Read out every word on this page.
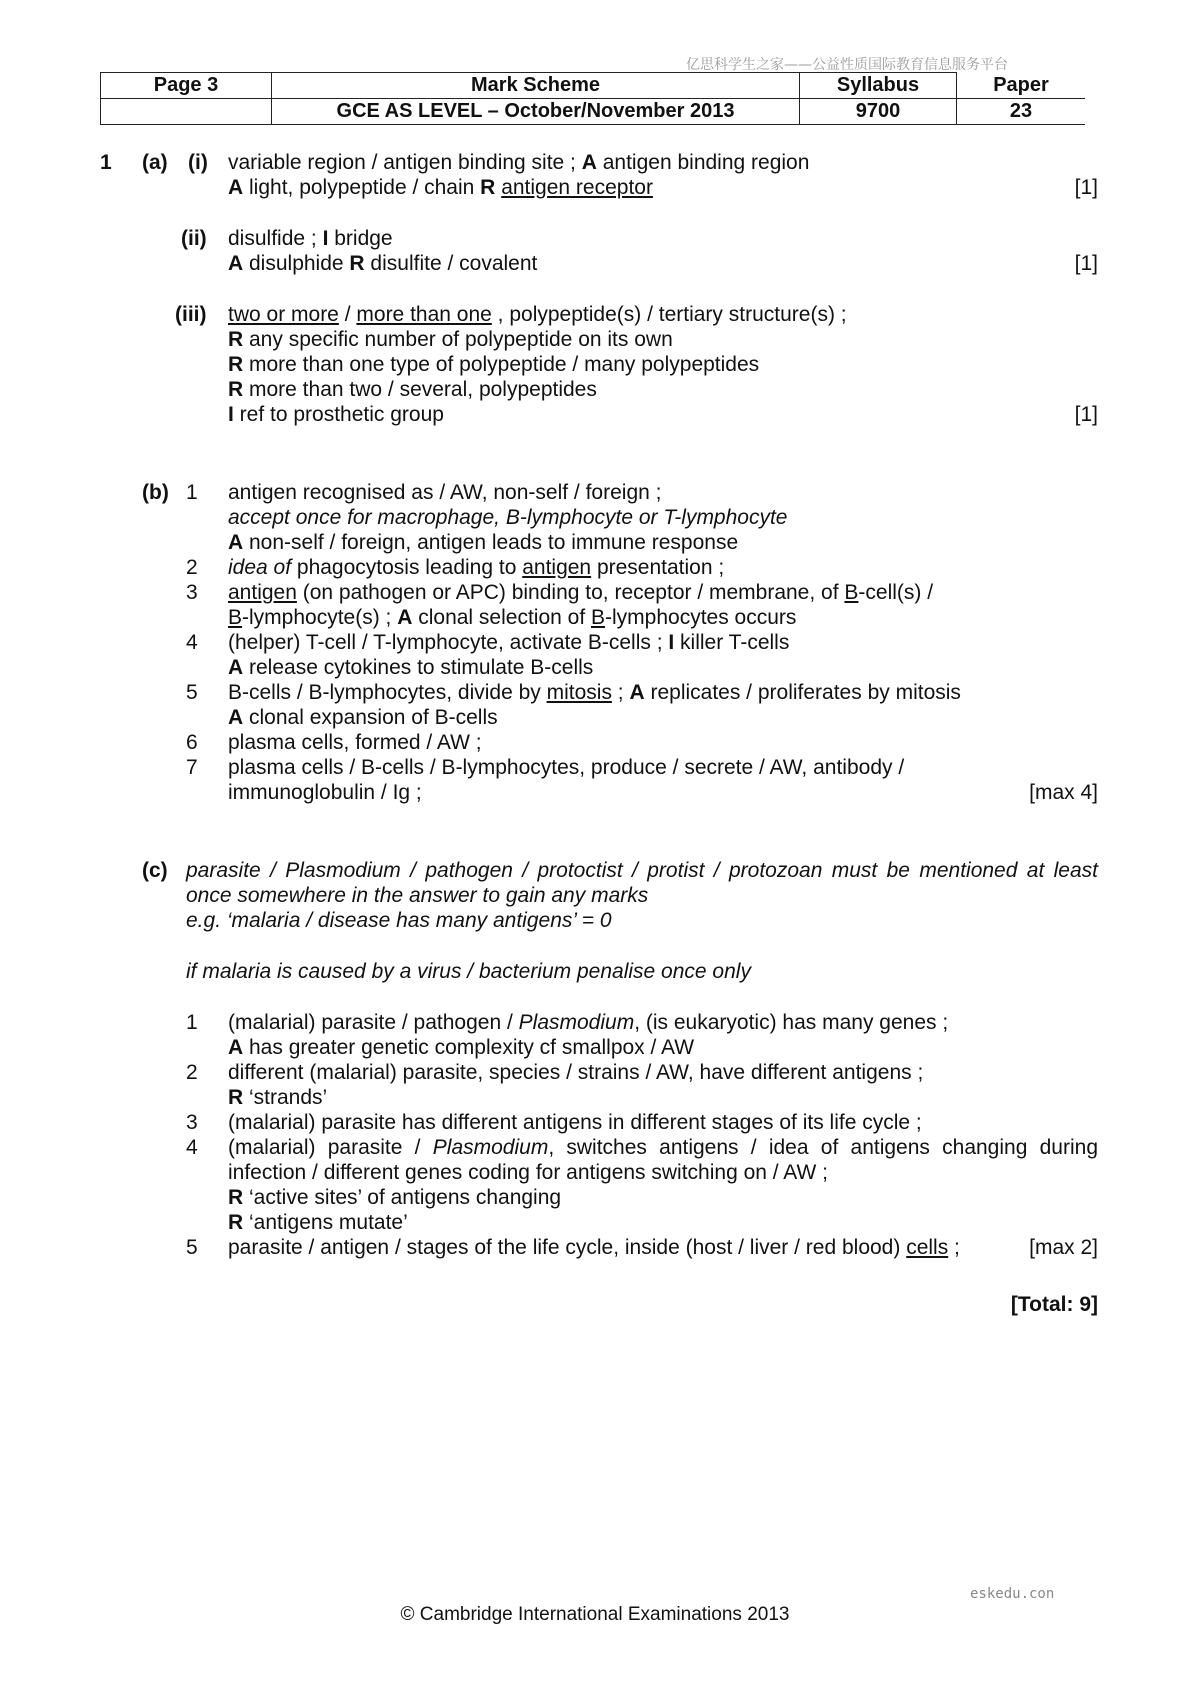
亿思科学生之家——公益性质国际教育信息服务平台
Page 3	Mark Scheme	Syllabus	Paper
	GCE AS LEVEL – October/November 2013	9700	23
1 (a) (i) variable region / antigen binding site ; A antigen binding region
A light, polypeptide / chain R antigen receptor	[1]
(ii) disulfide ; I bridge
A disulphide R disulfite / covalent	[1]
(iii) two or more / more than one , polypeptide(s) / tertiary structure(s) ;
R any specific number of polypeptide on its own
R more than one type of polypeptide / many polypeptides
R more than two / several, polypeptides
I ref to prosthetic group	[1]
(b) 1 antigen recognised as / AW, non-self / foreign ;
accept once for macrophage, B-lymphocyte or T-lymphocyte
A non-self / foreign, antigen leads to immune response
2 idea of phagocytosis leading to antigen presentation ;
3 antigen (on pathogen or APC) binding to, receptor / membrane, of B-cell(s) /
B-lymphocyte(s) ; A clonal selection of B-lymphocytes occurs
4 (helper) T-cell / T-lymphocyte, activate B-cells ; I killer T-cells
A release cytokines to stimulate B-cells
5 B-cells / B-lymphocytes, divide by mitosis ; A replicates / proliferates by mitosis
A clonal expansion of B-cells
6 plasma cells, formed / AW ;
7 plasma cells / B-cells / B-lymphocytes, produce / secrete / AW, antibody /
immunoglobulin / Ig ;	[max 4]
(c) parasite / Plasmodium / pathogen / protoctist / protist / protozoan must be mentioned at least
once somewhere in the answer to gain any marks
e.g. ‘malaria / disease has many antigens’ = 0
if malaria is caused by a virus / bacterium penalise once only
1 (malarial) parasite / pathogen / Plasmodium, (is eukaryotic) has many genes ;
A has greater genetic complexity cf smallpox / AW
2 different (malarial) parasite, species / strains / AW, have different antigens ;
R ‘strands’
3 (malarial) parasite has different antigens in different stages of its life cycle ;
4 (malarial) parasite / Plasmodium, switches antigens / idea of antigens changing during
infection / different genes coding for antigens switching on / AW ;
R ‘active sites’ of antigens changing
R ‘antigens mutate’
5 parasite / antigen / stages of the life cycle, inside (host / liver / red blood) cells ;	[max 2]
[Total: 9]
eskedu.con
© Cambridge International Examinations 2013
